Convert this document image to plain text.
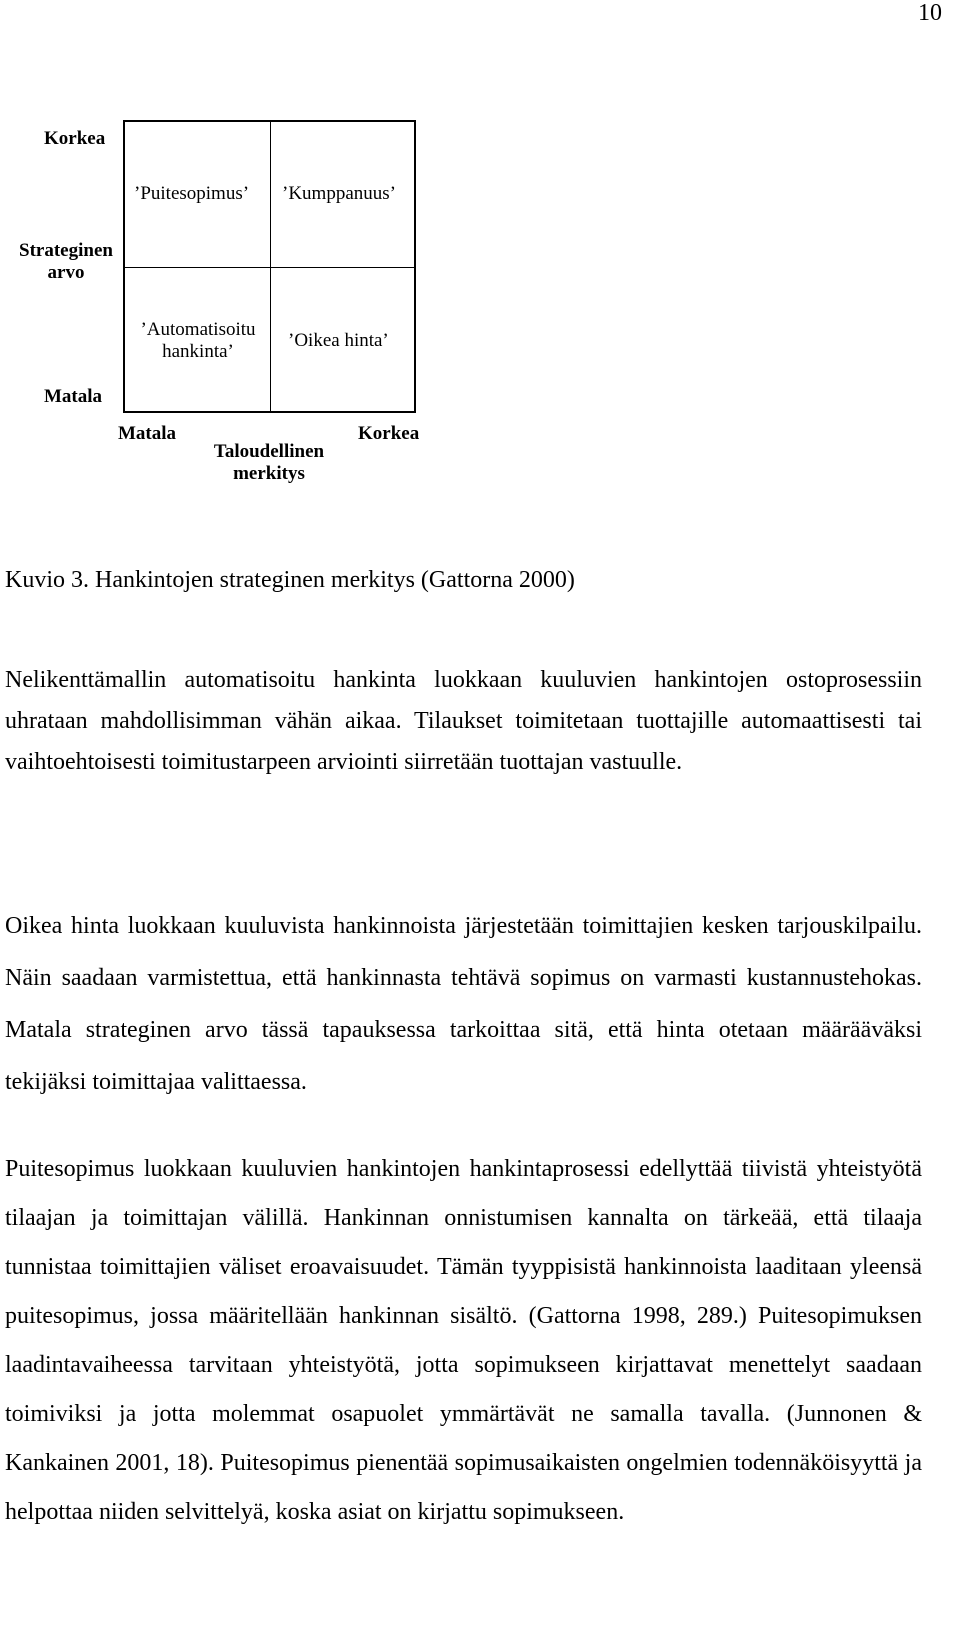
10
Korkea
Strateginen
arvo
Matala
Matala
Taloudellinen
merkitys
Korkea
’Puitesopimus’ ’Kumppanuus’
’Automatisoitu
hankinta’
’Oikea hinta’
Kuvio 3. Hankintojen strateginen merkitys (Gattorna 2000)

Nelikenttämallin automatisoitu hankinta luokkaan kuuluvien hankintojen ostoprosessiin uhrataan mahdollisimman vähän aikaa. Tilaukset toimitetaan tuottajille automaattisesti tai vaihtoehtoisesti toimitustarpeen arviointi siirretään tuottajan vastuulle.

Oikea hinta luokkaan kuuluvista hankinnoista järjestetään toimittajien kesken tarjouskilpailu. Näin saadaan varmistettua, että hankinnasta tehtävä sopimus on varmasti kustannustehokas. Matala strateginen arvo tässä tapauksessa tarkoittaa sitä, että hinta otetaan määrääväksi tekijäksi toimittajaa valittaessa.

Puitesopimus luokkaan kuuluvien hankintojen hankintaprosessi edellyttää tiivistä yhteistyötä tilaajan ja toimittajan välillä. Hankinnan onnistumisen kannalta on tärkeää, että tilaaja tunnistaa toimittajien väliset eroavaisuudet. Tämän tyyppisistä hankinnoista laaditaan yleensä puitesopimus, jossa määritellään hankinnan sisältö. (Gattorna 1998, 289.) Puitesopimuksen laadintavaiheessa tarvitaan yhteistyötä, jotta sopimukseen kirjattavat menettelyt saadaan toimiviksi ja jotta molemmat osapuolet ymmärtävät ne samalla tavalla. (Junnonen & Kankainen 2001, 18). Puitesopimus pienentää sopimusaikaisten ongelmien todennäköisyyttä ja helpottaa niiden selvittelyä, koska asiat on kirjattu sopimukseen.
